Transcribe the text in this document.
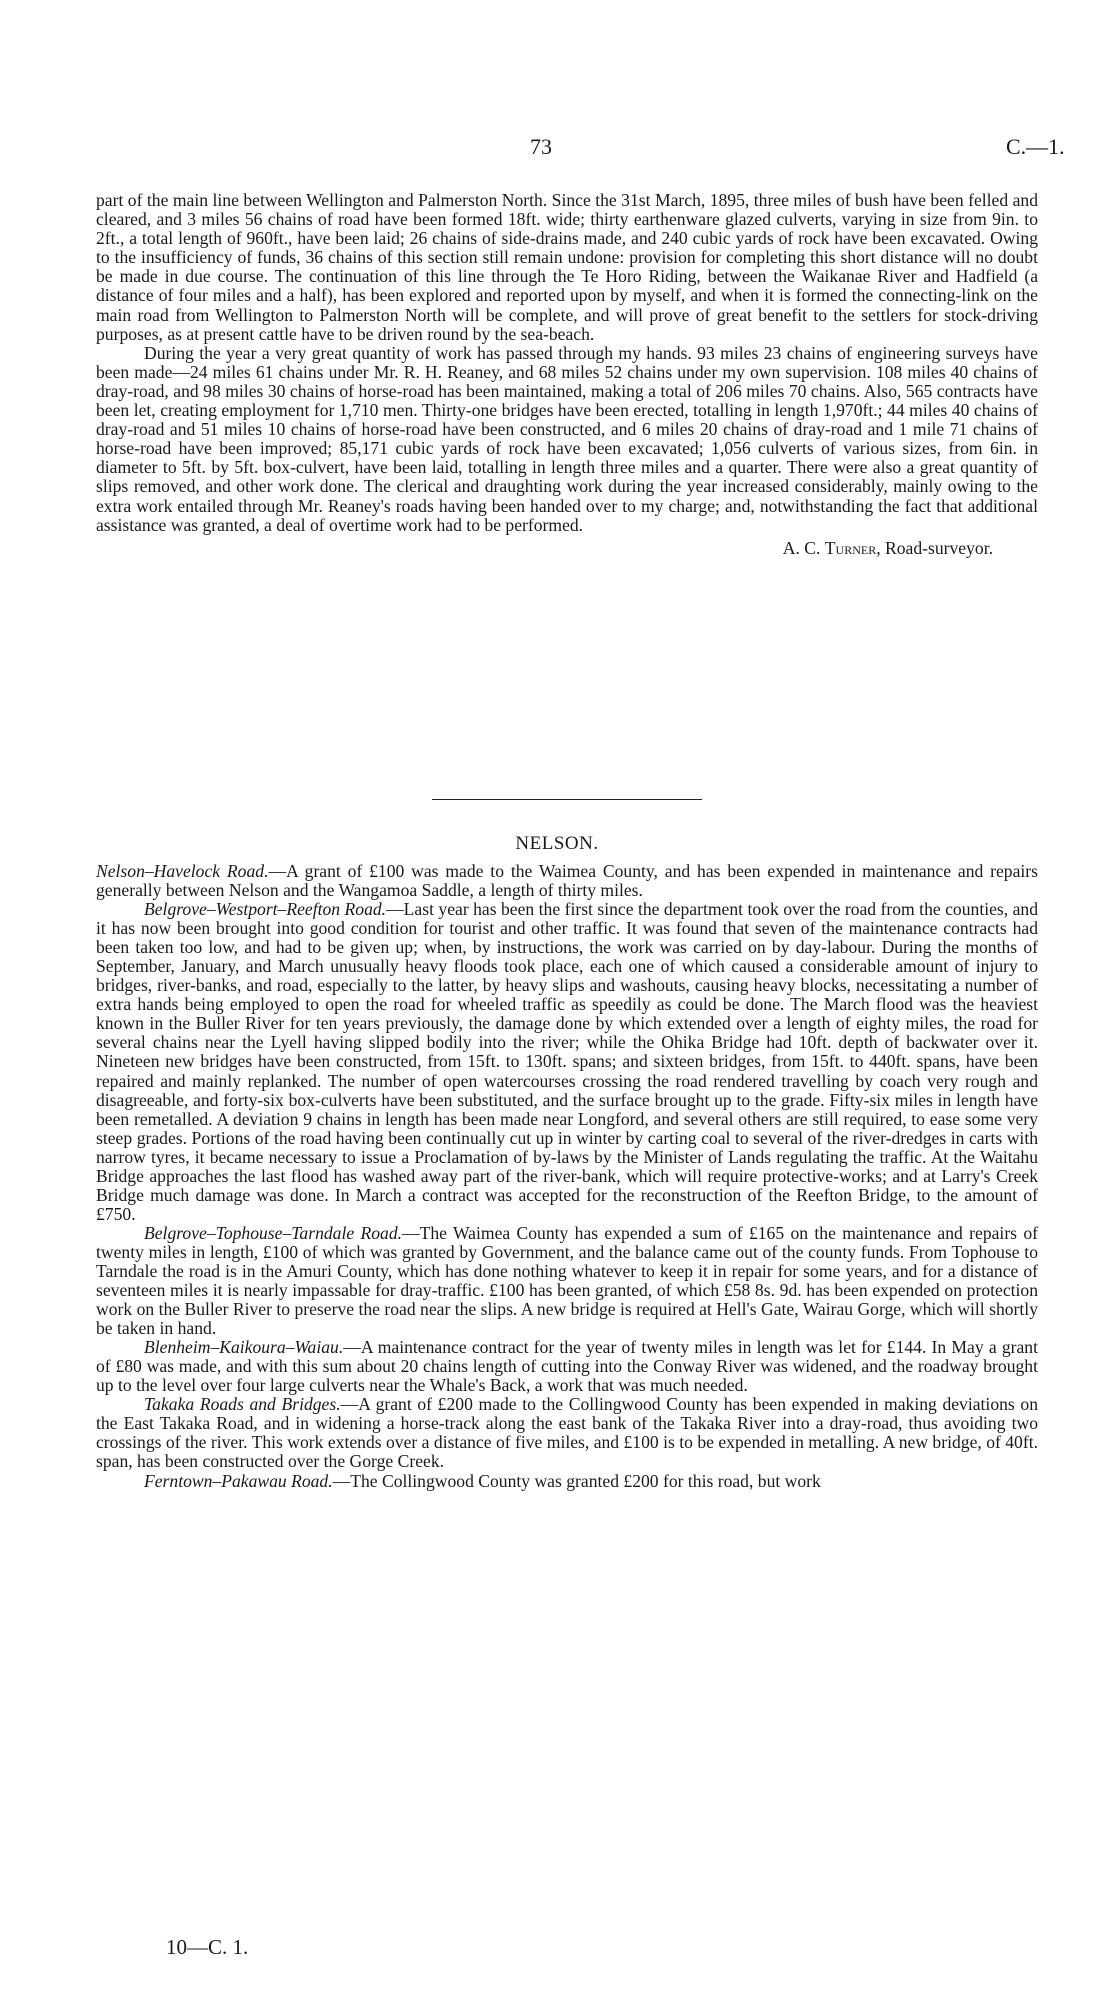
73	C.—1.

part of the main line between Wellington and Palmerston North. Since the 31st March, 1895, three miles of bush have been felled and cleared, and 3 miles 56 chains of road have been formed 18ft. wide; thirty earthenware glazed culverts, varying in size from 9in. to 2ft., a total length of 960ft., have been laid; 26 chains of side-drains made, and 240 cubic yards of rock have been excavated. Owing to the insufficiency of funds, 36 chains of this section still remain undone: provision for completing this short distance will no doubt be made in due course. The continuation of this line through the Te Horo Riding, between the Waikanae River and Hadfield (a distance of four miles and a half), has been explored and reported upon by myself, and when it is formed the connecting-link on the main road from Wellington to Palmerston North will be complete, and will prove of great benefit to the settlers for stock-driving purposes, as at present cattle have to be driven round by the sea-beach.

During the year a very great quantity of work has passed through my hands. 93 miles 23 chains of engineering surveys have been made—24 miles 61 chains under Mr. R. H. Reaney, and 68 miles 52 chains under my own supervision. 108 miles 40 chains of dray-road, and 98 miles 30 chains of horse-road has been maintained, making a total of 206 miles 70 chains. Also, 565 contracts have been let, creating employment for 1,710 men. Thirty-one bridges have been erected, totalling in length 1,970ft.; 44 miles 40 chains of dray-road and 51 miles 10 chains of horse-road have been constructed, and 6 miles 20 chains of dray-road and 1 mile 71 chains of horse-road have been improved; 85,171 cubic yards of rock have been excavated; 1,056 culverts of various sizes, from 6in. in diameter to 5ft. by 5ft. box-culvert, have been laid, totalling in length three miles and a quarter. There were also a great quantity of slips removed, and other work done. The clerical and draughting work during the year increased considerably, mainly owing to the extra work entailed through Mr. Reaney's roads having been handed over to my charge; and, notwithstanding the fact that additional assistance was granted, a deal of overtime work had to be performed.

A. C. Turner, Road-surveyor.

NELSON.

Nelson–Havelock Road.—A grant of £100 was made to the Waimea County, and has been expended in maintenance and repairs generally between Nelson and the Wangamoa Saddle, a length of thirty miles.

Belgrove–Westport–Reefton Road.—Last year has been the first since the department took over the road from the counties, and it has now been brought into good condition for tourist and other traffic. It was found that seven of the maintenance contracts had been taken too low, and had to be given up; when, by instructions, the work was carried on by day-labour. During the months of September, January, and March unusually heavy floods took place, each one of which caused a considerable amount of injury to bridges, river-banks, and road, especially to the latter, by heavy slips and washouts, causing heavy blocks, necessitating a number of extra hands being employed to open the road for wheeled traffic as speedily as could be done. The March flood was the heaviest known in the Buller River for ten years previously, the damage done by which extended over a length of eighty miles, the road for several chains near the Lyell having slipped bodily into the river; while the Ohika Bridge had 10ft. depth of backwater over it. Nineteen new bridges have been constructed, from 15ft. to 130ft. spans; and sixteen bridges, from 15ft. to 440ft. spans, have been repaired and mainly replanked. The number of open watercourses crossing the road rendered travelling by coach very rough and disagreeable, and forty-six box-culverts have been substituted, and the surface brought up to the grade. Fifty-six miles in length have been remetalled. A deviation 9 chains in length has been made near Longford, and several others are still required, to ease some very steep grades. Portions of the road having been continually cut up in winter by carting coal to several of the river-dredges in carts with narrow tyres, it became necessary to issue a Proclamation of by-laws by the Minister of Lands regulating the traffic. At the Waitahu Bridge approaches the last flood has washed away part of the river-bank, which will require protective-works; and at Larry's Creek Bridge much damage was done. In March a contract was accepted for the reconstruction of the Reefton Bridge, to the amount of £750.

Belgrove–Tophouse–Tarndale Road.—The Waimea County has expended a sum of £165 on the maintenance and repairs of twenty miles in length, £100 of which was granted by Government, and the balance came out of the county funds. From Tophouse to Tarndale the road is in the Amuri County, which has done nothing whatever to keep it in repair for some years, and for a distance of seventeen miles it is nearly impassable for dray-traffic. £100 has been granted, of which £58 8s. 9d. has been expended on protection work on the Buller River to preserve the road near the slips. A new bridge is required at Hell's Gate, Wairau Gorge, which will shortly be taken in hand.

Blenheim–Kaikoura–Waiau.—A maintenance contract for the year of twenty miles in length was let for £144. In May a grant of £80 was made, and with this sum about 20 chains length of cutting into the Conway River was widened, and the roadway brought up to the level over four large culverts near the Whale's Back, a work that was much needed.

Takaka Roads and Bridges.—A grant of £200 made to the Collingwood County has been expended in making deviations on the East Takaka Road, and in widening a horse-track along the east bank of the Takaka River into a dray-road, thus avoiding two crossings of the river. This work extends over a distance of five miles, and £100 is to be expended in metalling. A new bridge, of 40ft. span, has been constructed over the Gorge Creek.

Ferntown–Pakawau Road.—The Collingwood County was granted £200 for this road, but work

10—C. 1.
